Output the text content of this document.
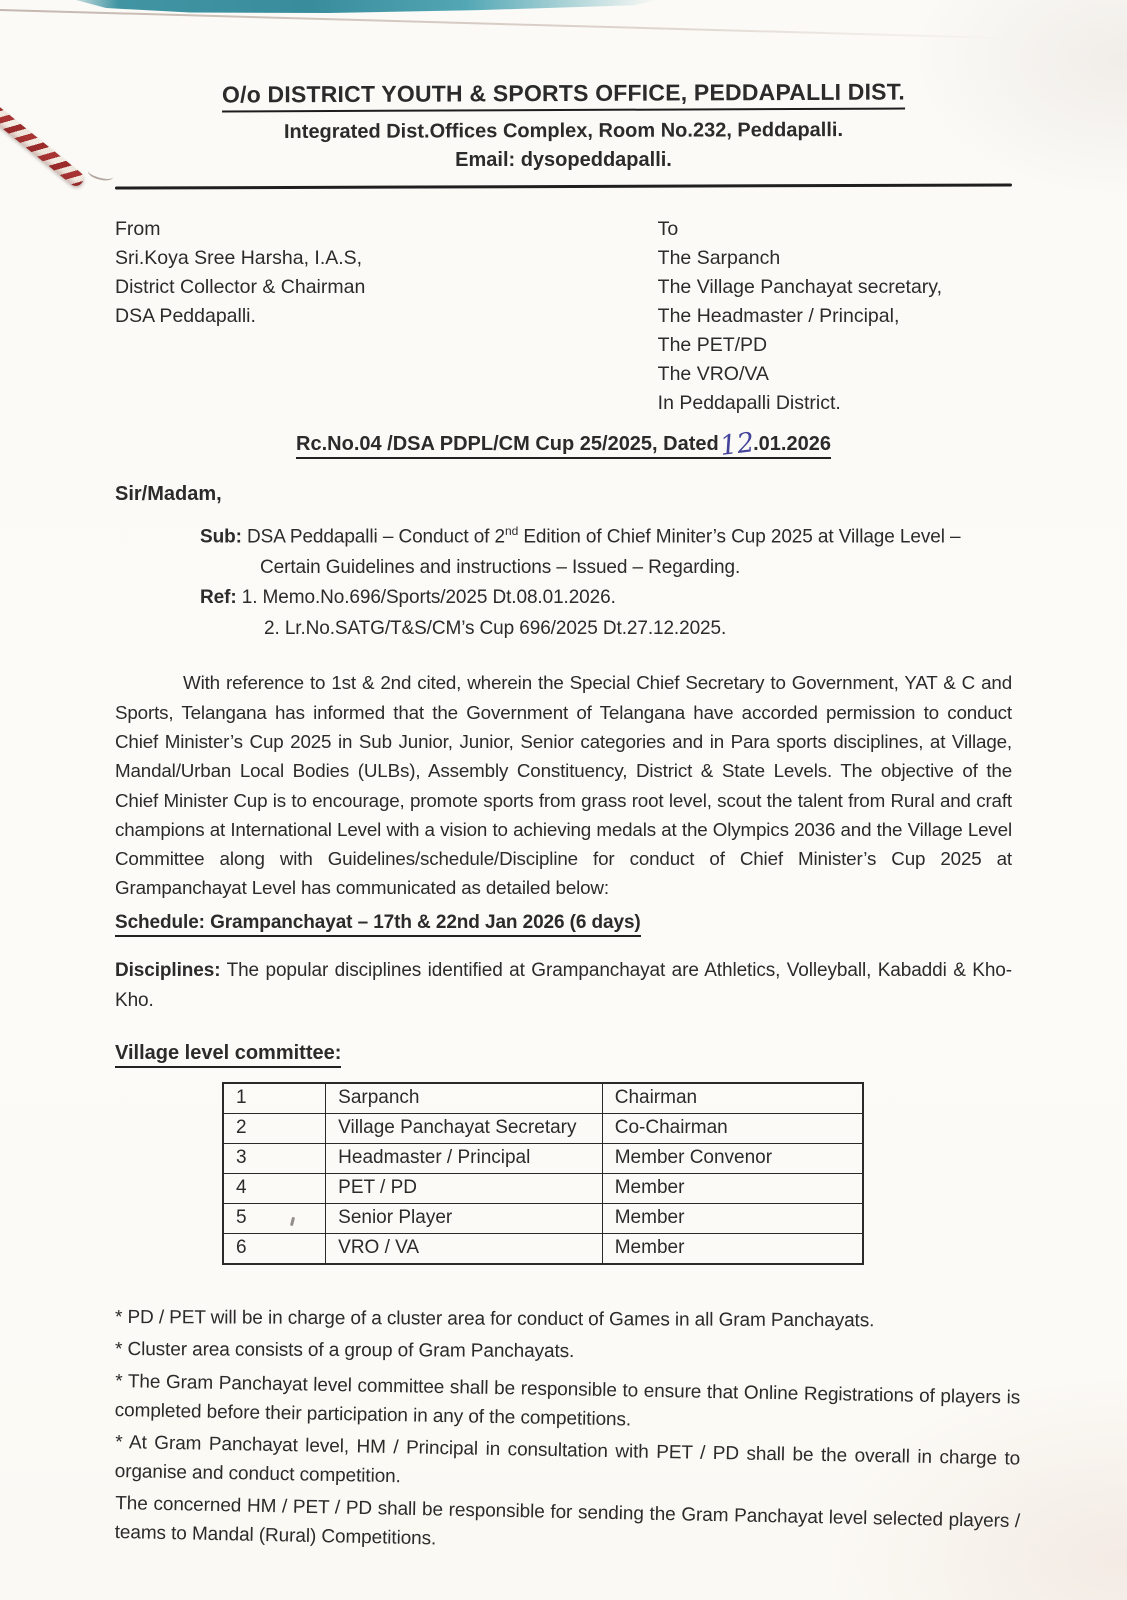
O/o DISTRICT YOUTH & SPORTS OFFICE, PEDDAPALLI DIST.
Integrated Dist.Offices Complex, Room No.232, Peddapalli.
Email: dysopeddapalli.
From
Sri.Koya Sree Harsha, I.A.S,
District Collector & Chairman
DSA Peddapalli.
To
The Sarpanch
The Village Panchayat secretary,
The Headmaster / Principal,
The PET/PD
The VRO/VA
In Peddapalli District.
Rc.No.04 /DSA PDPL/CM Cup 25/2025, Dated12.01.2026
Sir/Madam,
Sub: DSA Peddapalli – Conduct of 2nd Edition of Chief Miniter’s Cup 2025 at Village Level –
Certain Guidelines and instructions – Issued – Regarding.
Ref: 1. Memo.No.696/Sports/2025 Dt.08.01.2026.
2. Lr.No.SATG/T&S/CM’s Cup 696/2025 Dt.27.12.2025.
With reference to 1st & 2nd cited, wherein the Special Chief Secretary to Government, YAT & C and Sports, Telangana has informed that the Government of Telangana have accorded permission to conduct Chief Minister’s Cup 2025 in Sub Junior, Junior, Senior categories and in Para sports disciplines, at Village, Mandal/Urban Local Bodies (ULBs), Assembly Constituency, District & State Levels. The objective of the Chief Minister Cup is to encourage, promote sports from grass root level, scout the talent from Rural and craft champions at International Level with a vision to achieving medals at the Olympics 2036 and the Village Level Committee along with Guidelines/schedule/Discipline for conduct of Chief Minister’s Cup 2025 at Grampanchayat Level has communicated as detailed below:
Schedule: Grampanchayat – 17th & 22nd Jan 2026 (6 days)
Disciplines: The popular disciplines identified at Grampanchayat are Athletics, Volleyball, Kabaddi & Kho-Kho.
Village level committee:
1	Sarpanch	Chairman
2	Village Panchayat Secretary	Co-Chairman
3	Headmaster / Principal	Member Convenor
4	PET / PD	Member
5	Senior Player	Member
6	VRO / VA	Member

* PD / PET will be in charge of a cluster area for conduct of Games in all Gram Panchayats.

* Cluster area consists of a group of Gram Panchayats.

* The Gram Panchayat level committee shall be responsible to ensure that Online Registrations of players is completed before their participation in any of the competitions.

* At Gram Panchayat level, HM / Principal in consultation with PET / PD shall be the overall in charge to organise and conduct competition.

The concerned HM / PET / PD shall be responsible for sending the Gram Panchayat level selected players / teams to Mandal (Rural) Competitions.
